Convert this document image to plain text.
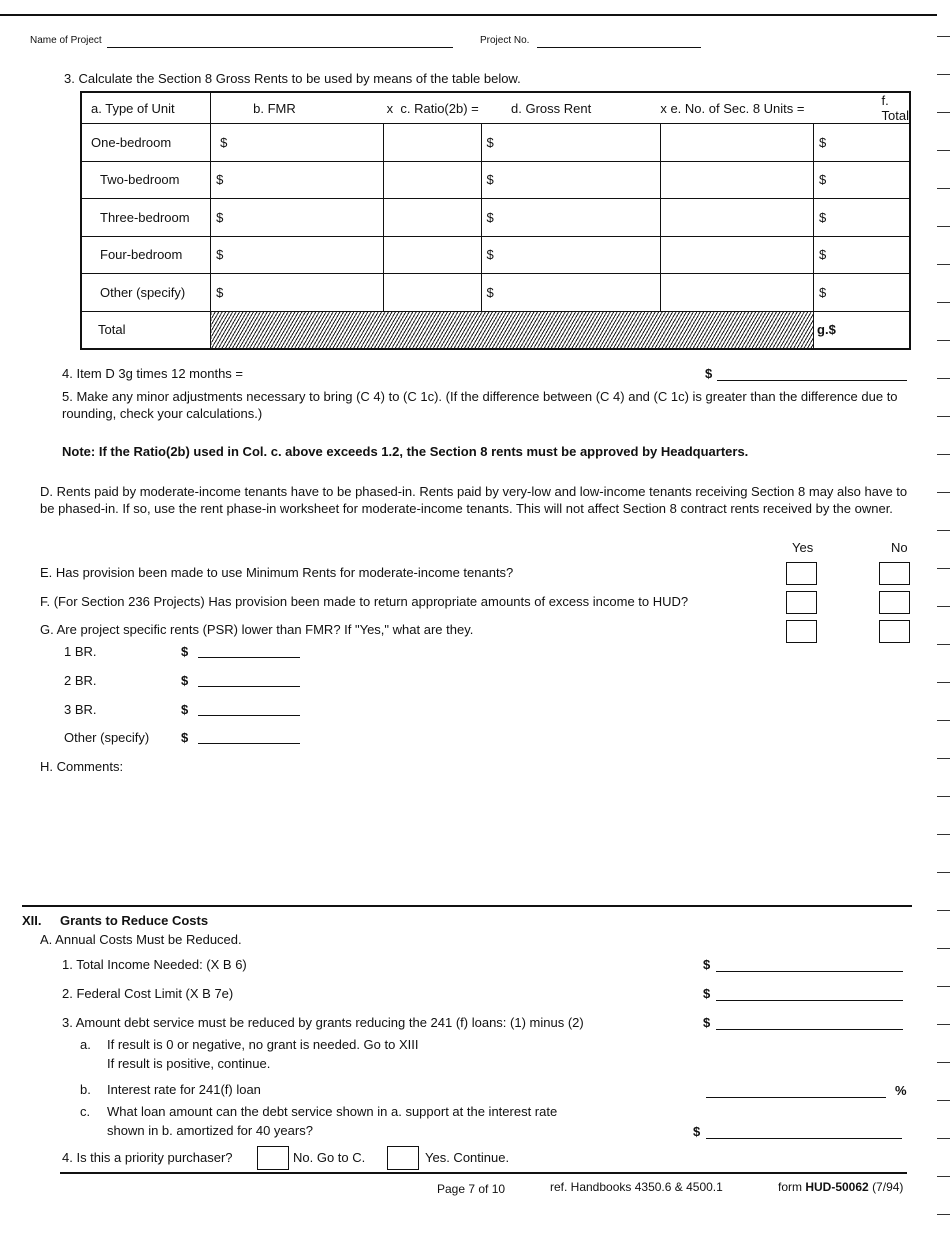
Name of Project	Project No.
3. Calculate the Section 8 Gross Rents to be used by means of the table below.
a. Type of Unit	b. FMR	x c. Ratio(2b) =	d. Gross Rent	x e. No. of Sec. 8 Units =	f. Total
One-bedroom	$		$		$
Two-bedroom	$		$		$
Three-bedroom	$		$		$
Four-bedroom	$		$		$
Other (specify)	$		$		$
Total					g.$
4. Item D 3g times 12 months =	$
5. Make any minor adjustments necessary to bring (C 4) to (C 1c). (If the difference between (C 4) and (C 1c) is greater than the difference due to rounding, check your calculations.)
Note: If the Ratio(2b) used in Col. c. above exceeds 1.2, the Section 8 rents must be approved by Headquarters.
D. Rents paid by moderate-income tenants have to be phased-in. Rents paid by very-low and low-income tenants receiving Section 8 may also have to be phased-in. If so, use the rent phase-in worksheet for moderate-income tenants. This will not affect Section 8 contract rents received by the owner.
Yes	No
E. Has provision been made to use Minimum Rents for moderate-income tenants?
F. (For Section 236 Projects) Has provision been made to return appropriate amounts of excess income to HUD?
G. Are project specific rents (PSR) lower than FMR? If "Yes," what are they.
1 BR.	$
2 BR.	$
3 BR.	$
Other (specify) $
H. Comments:
XII. Grants to Reduce Costs
A. Annual Costs Must be Reduced.
1. Total Income Needed: (X B 6)	$
2. Federal Cost Limit (X B 7e)	$
3. Amount debt service must be reduced by grants reducing the 241 (f) loans: (1) minus (2)	$
a. If result is 0 or negative, no grant is needed. Go to XIII
If result is positive, continue.
b. Interest rate for 241(f) loan	%
c. What loan amount can the debt service shown in a. support at the interest rate
shown in b. amortized for 40 years?	$
4. Is this a priority purchaser?	No. Go to C.	Yes. Continue.
Page 7 of 10	ref. Handbooks 4350.6 & 4500.1	form HUD-50062 (7/94)
